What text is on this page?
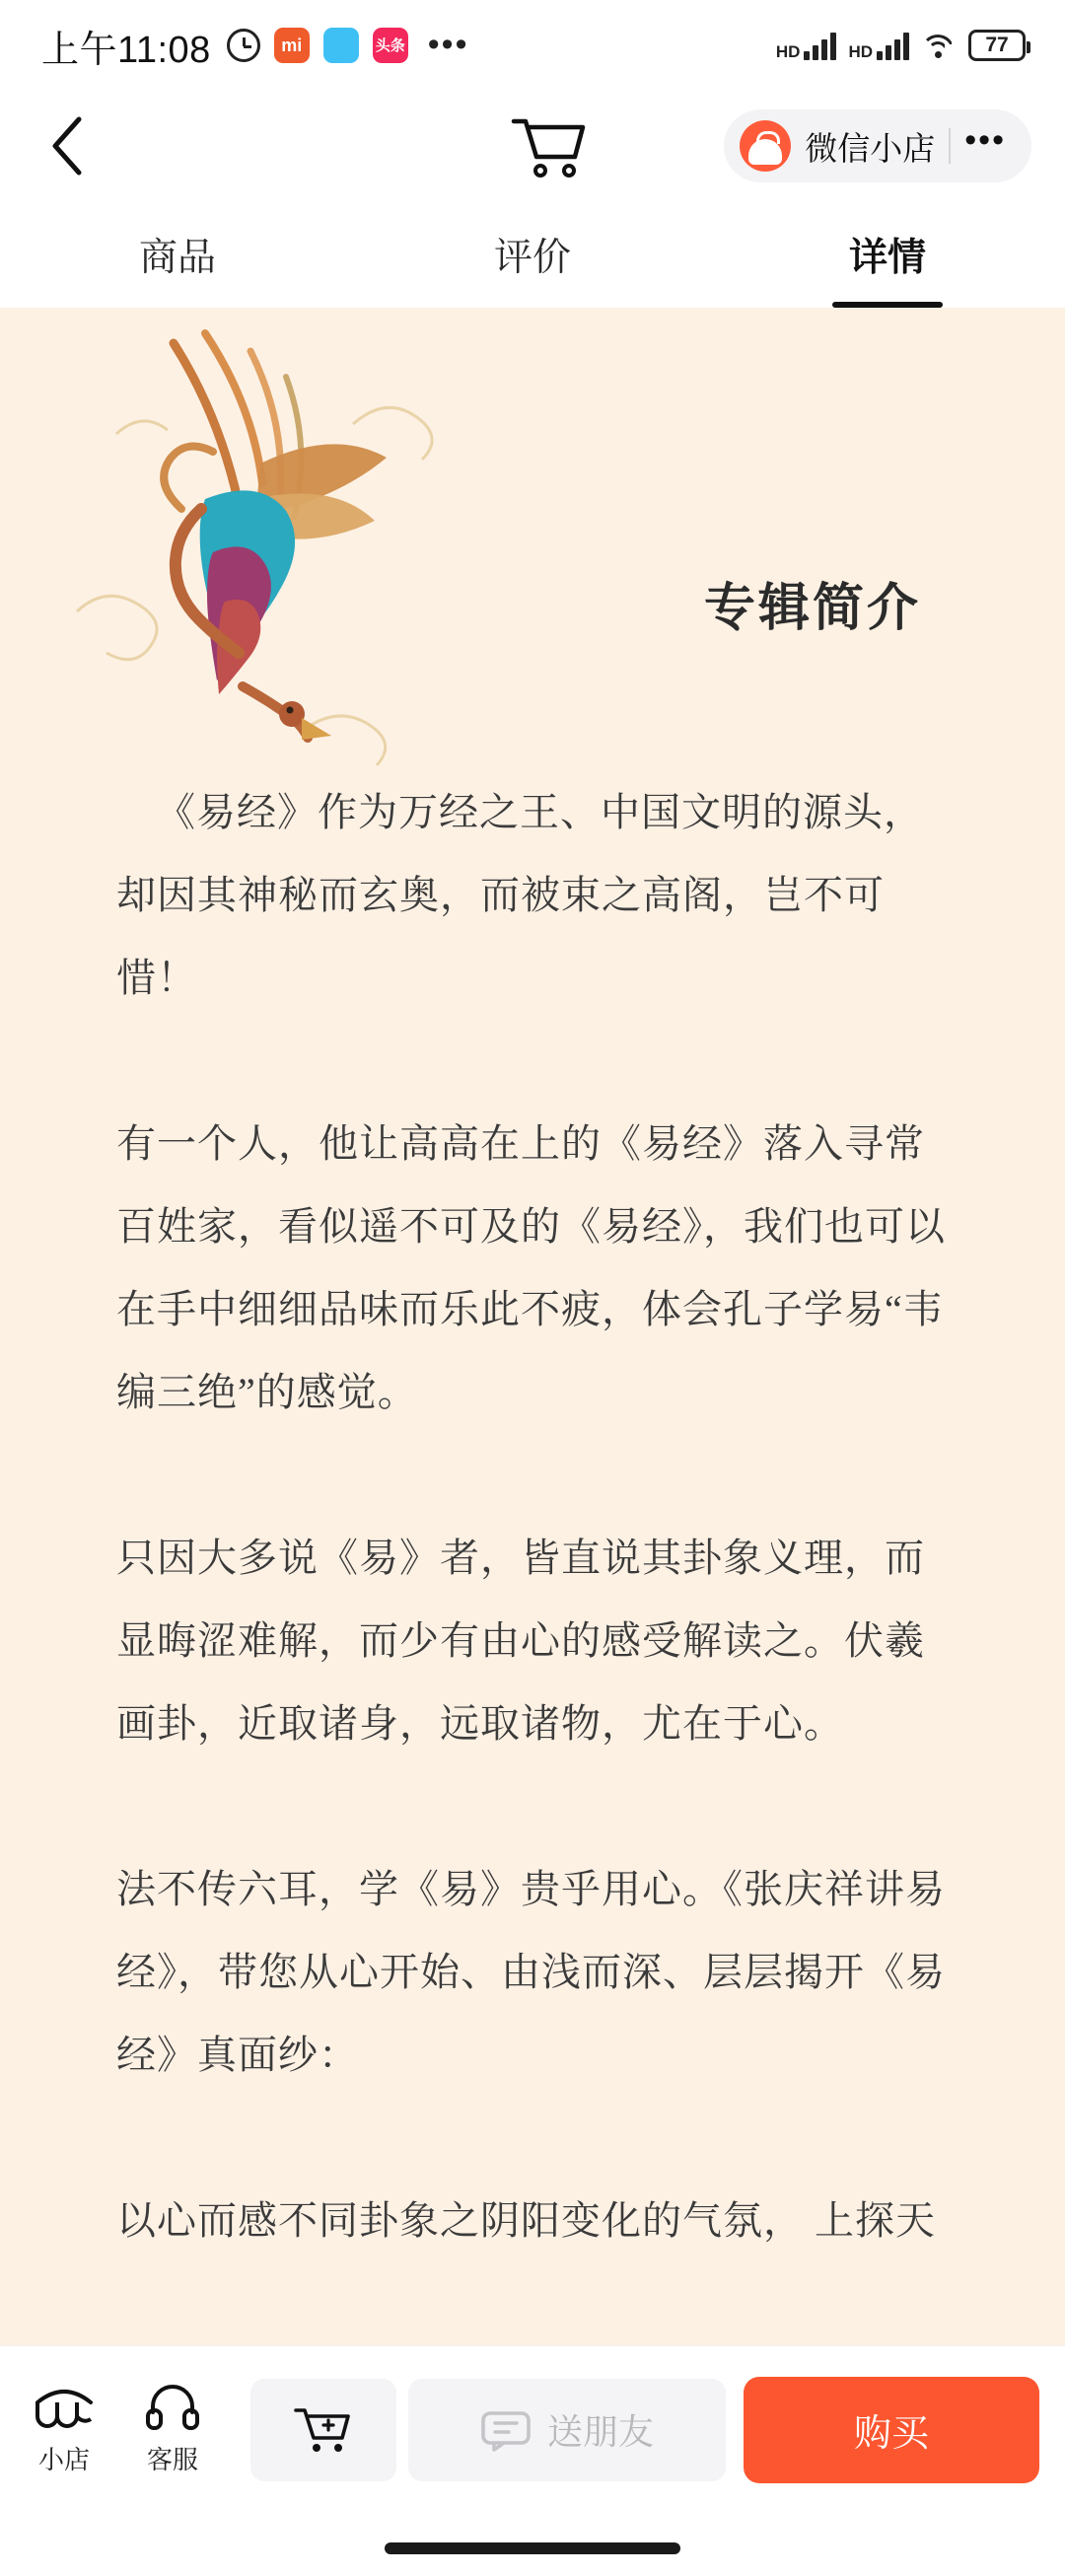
上午11:08	mi	头条 •••	HD	HD	77
微信小店 •••
商品	评价	详情
专辑简介

《易经》作为万经之王、中国文明的源头，却因其神秘而玄奥，而被束之高阁，岂不可惜！

有一个人，他让高高在上的《易经》落入寻常百姓家，看似遥不可及的《易经》，我们也可以在手中细细品味而乐此不疲，体会孔子学易“韦编三绝”的感觉。

只因大多说《易》者，皆直说其卦象义理，而显晦涩难解，而少有由心的感受解读之。伏羲画卦，近取诸身，远取诸物，尤在于心。

法不传六耳，学《易》贵乎用心。《张庆祥讲易经》，带您从心开始、由浅而深、层层揭开《易经》真面纱：

以心而感不同卦象之阴阳变化的气氛， 上探天

小店 客服
送朋友	购买
